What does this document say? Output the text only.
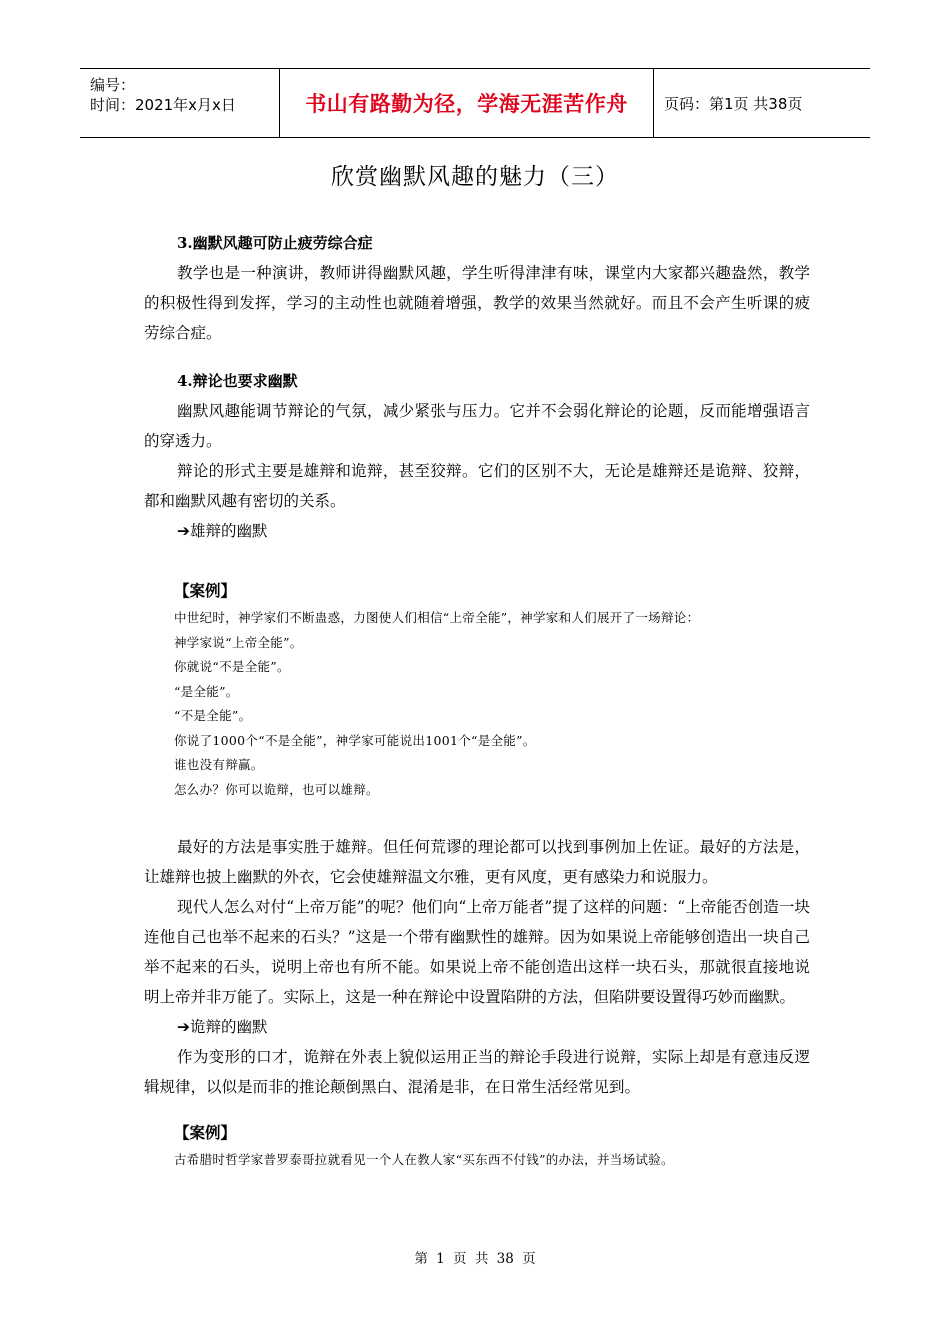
编号：
时间：2021年x月x日	书山有路勤为径，学海无涯苦作舟	页码：第1页 共38页
欣赏幽默风趣的魅力（三）
3.幽默风趣可防止疲劳综合症
教学也是一种演讲，教师讲得幽默风趣，学生听得津津有味，课堂内大家都兴趣盎然，教学的积极性得到发挥，学习的主动性也就随着增强，教学的效果当然就好。而且不会产生听课的疲劳综合症。
4.辩论也要求幽默
幽默风趣能调节辩论的气氛，减少紧张与压力。它并不会弱化辩论的论题，反而能增强语言的穿透力。
辩论的形式主要是雄辩和诡辩，甚至狡辩。它们的区别不大，无论是雄辩还是诡辩、狡辩，都和幽默风趣有密切的关系。
➔雄辩的幽默
【案例】
中世纪时，神学家们不断蛊惑，力图使人们相信“上帝全能”，神学家和人们展开了一场辩论：
神学家说“上帝全能”。
你就说“不是全能”。
“是全能”。
“不是全能”。
你说了1000个“不是全能”，神学家可能说出1001个“是全能”。
谁也没有辩赢。
怎么办？你可以诡辩，也可以雄辩。
最好的方法是事实胜于雄辩。但任何荒谬的理论都可以找到事例加上佐证。最好的方法是，让雄辩也披上幽默的外衣，它会使雄辩温文尔雅，更有风度，更有感染力和说服力。
现代人怎么对付“上帝万能”的呢？他们向“上帝万能者”提了这样的问题：“上帝能否创造一块连他自己也举不起来的石头？”这是一个带有幽默性的雄辩。因为如果说上帝能够创造出一块自己举不起来的石头，说明上帝也有所不能。如果说上帝不能创造出这样一块石头，那就很直接地说明上帝并非万能了。实际上，这是一种在辩论中设置陷阱的方法，但陷阱要设置得巧妙而幽默。
➔诡辩的幽默
作为变形的口才，诡辩在外表上貌似运用正当的辩论手段进行说辩，实际上却是有意违反逻辑规律，以似是而非的推论颠倒黑白、混淆是非，在日常生活经常见到。
【案例】
古希腊时哲学家普罗泰哥拉就看见一个人在教人家“买东西不付钱”的办法，并当场试验。
第 1 页 共 38 页
